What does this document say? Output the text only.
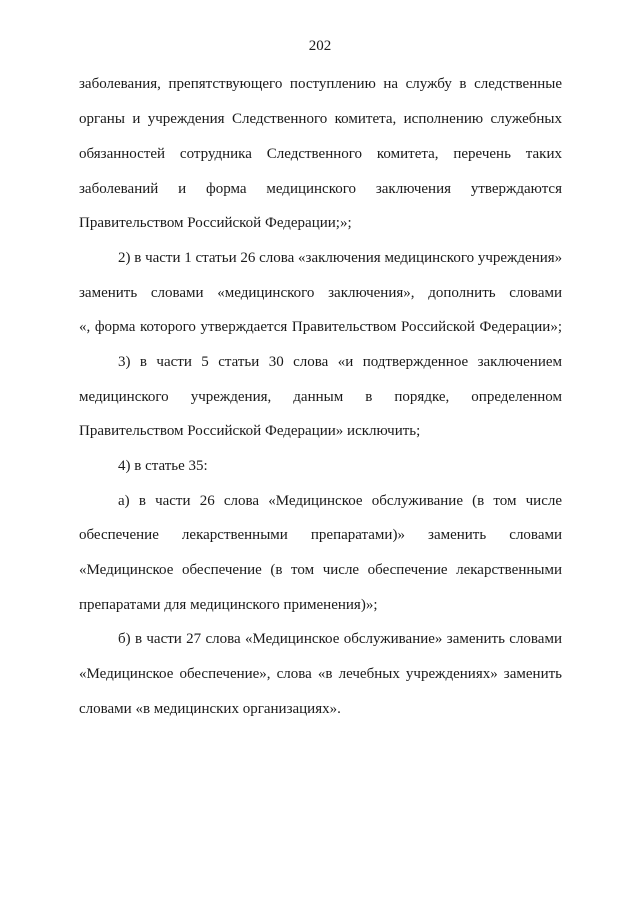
202
заболевания, препятствующего поступлению на службу в следственные
органы и учреждения Следственного комитета, исполнению служебных
обязанностей сотрудника Следственного комитета, перечень таких
заболеваний и форма медицинского заключения утверждаются
Правительством Российской Федерации;»;
2) в части 1 статьи 26 слова «заключения медицинского учреждения»
заменить словами «медицинского заключения», дополнить словами
«, форма которого утверждается Правительством Российской Федерации»;
3) в части 5 статьи 30 слова «и подтвержденное заключением
медицинского учреждения, данным в порядке, определенном
Правительством Российской Федерации» исключить;
4) в статье 35:
а) в части 26 слова «Медицинское обслуживание (в том числе
обеспечение лекарственными препаратами)» заменить словами
«Медицинское обеспечение (в том числе обеспечение лекарственными
препаратами для медицинского применения)»;
б) в части 27 слова «Медицинское обслуживание» заменить словами
«Медицинское обеспечение», слова «в лечебных учреждениях» заменить
словами «в медицинских организациях».
